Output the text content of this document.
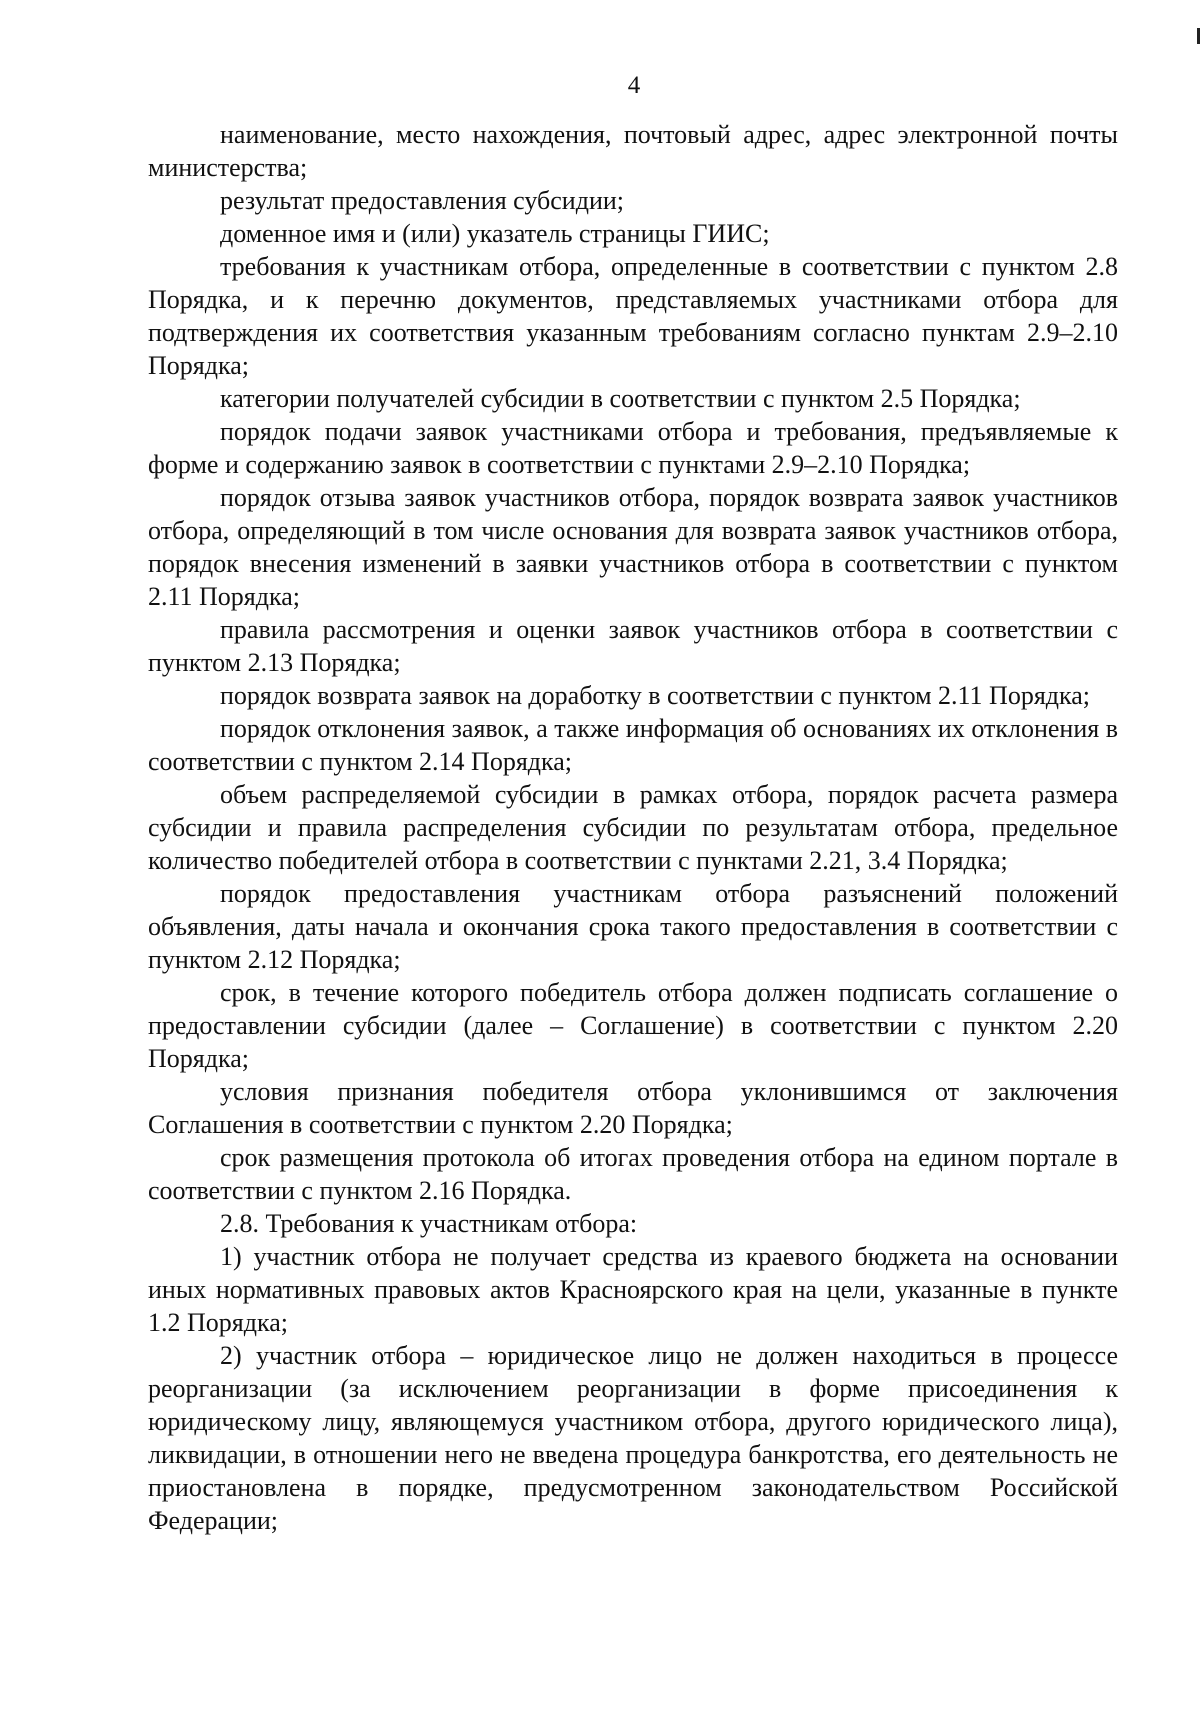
4

наименование, место нахождения, почтовый адрес, адрес электронной почты министерства;

результат предоставления субсидии;

доменное имя и (или) указатель страницы ГИИС;

требования к участникам отбора, определенные в соответствии с пунктом 2.8 Порядка, и к перечню документов, представляемых участниками отбора для подтверждения их соответствия указанным требованиям согласно пунктам 2.9–2.10 Порядка;

категории получателей субсидии в соответствии с пунктом 2.5 Порядка;

порядок подачи заявок участниками отбора и требования, предъявляемые к форме и содержанию заявок в соответствии с пунктами 2.9–2.10 Порядка;

порядок отзыва заявок участников отбора, порядок возврата заявок участников отбора, определяющий в том числе основания для возврата заявок участников отбора, порядок внесения изменений в заявки участников отбора в соответствии с пунктом 2.11 Порядка;

правила рассмотрения и оценки заявок участников отбора в соответствии с пунктом 2.13 Порядка;

порядок возврата заявок на доработку в соответствии с пунктом 2.11 Порядка;

порядок отклонения заявок, а также информация об основаниях их отклонения в соответствии с пунктом 2.14 Порядка;

объем распределяемой субсидии в рамках отбора, порядок расчета размера субсидии и правила распределения субсидии по результатам отбора, предельное количество победителей отбора в соответствии с пунктами 2.21, 3.4 Порядка;

порядок предоставления участникам отбора разъяснений положений объявления, даты начала и окончания срока такого предоставления в соответствии с пунктом 2.12 Порядка;

срок, в течение которого победитель отбора должен подписать соглашение о предоставлении субсидии (далее – Соглашение) в соответствии с пунктом 2.20 Порядка;

условия признания победителя отбора уклонившимся от заключения Соглашения в соответствии с пунктом 2.20 Порядка;

срок размещения протокола об итогах проведения отбора на едином портале в соответствии с пунктом 2.16 Порядка.

2.8. Требования к участникам отбора:

1) участник отбора не получает средства из краевого бюджета на основании иных нормативных правовых актов Красноярского края на цели, указанные в пункте 1.2 Порядка;

2) участник отбора – юридическое лицо не должен находиться в процессе реорганизации (за исключением реорганизации в форме присоединения к юридическому лицу, являющемуся участником отбора, другого юридического лица), ликвидации, в отношении него не введена процедура банкротства, его деятельность не приостановлена в порядке, предусмотренном законодательством Российской Федерации;
